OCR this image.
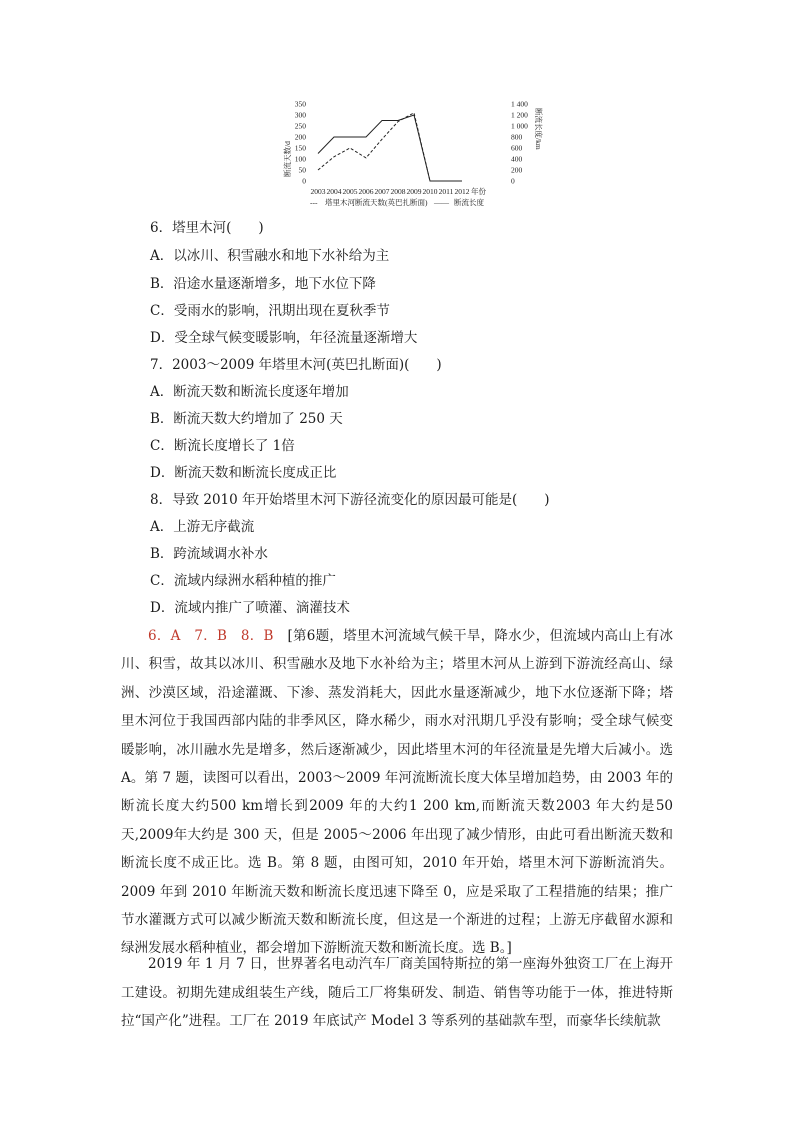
0
50
100
150
200
250
300
350
0
200
400
600
800
1 000
1 200
1 400
断流天数/d
断流长度/km
2003 2004 2005 2006 2007 2008 2009 2010 2011 2012 年份
--- 塔里木河断流天数(英巴扎断面) —— 断流长度
6．塔里木河(　　)
A．以冰川、积雪融水和地下水补给为主
B．沿途水量逐渐增多，地下水位下降
C．受雨水的影响，汛期出现在夏秋季节
D．受全球气候变暖影响，年径流量逐渐增大
7．2003～2009 年塔里木河(英巴扎断面)(　　)
A．断流天数和断流长度逐年增加
B．断流天数大约增加了 250 天
C．断流长度增长了 1倍
D．断流天数和断流长度成正比
8．导致 2010 年开始塔里木河下游径流变化的原因最可能是(　　)
A．上游无序截流
B．跨流域调水补水
C．流域内绿洲水稻种植的推广
D．流域内推广了喷灌、滴灌技术
6．A　7．B　8．B　 [第6题，塔里木河流域气候干旱，降水少，但流域内高山上有冰川、积雪，故其以冰川、积雪融水及地下水补给为主；塔里木河从上游到下游流经高山、绿洲、沙漠区域，沿途灌溉、下渗、蒸发消耗大，因此水量逐渐减少，地下水位逐渐下降；塔里木河位于我国西部内陆的非季风区，降水稀少，雨水对汛期几乎没有影响；受全球气候变暖影响，冰川融水先是增多，然后逐渐减少，因此塔里木河的年径流量是先增大后减小。选 A。第 7 题，读图可以看出，2003～2009 年河流断流长度大体呈增加趋势，由 2003 年的断流长度大约500 km增长到2009 年的大约1 200 km,而断流天数2003 年大约是50天,2009年大约是 300 天，但是 2005～2006 年出现了减少情形，由此可看出断流天数和断流长度不成正比。选 B。第 8 题，由图可知，2010 年开始，塔里木河下游断流消失。2009 年到 2010 年断流天数和断流长度迅速下降至 0，应是采取了工程措施的结果；推广节水灌溉方式可以减少断流天数和断流长度，但这是一个渐进的过程；上游无序截留水源和绿洲发展水稻种植业，都会增加下游断流天数和断流长度。选 B。]
2019 年 1 月 7 日，世界著名电动汽车厂商美国特斯拉的第一座海外独资工厂在上海开工建设。初期先建成组装生产线，随后工厂将集研发、制造、销售等功能于一体，推进特斯拉“国产化”进程。工厂在 2019 年底试产 Model 3 等系列的基础款车型，而豪华长续航款
